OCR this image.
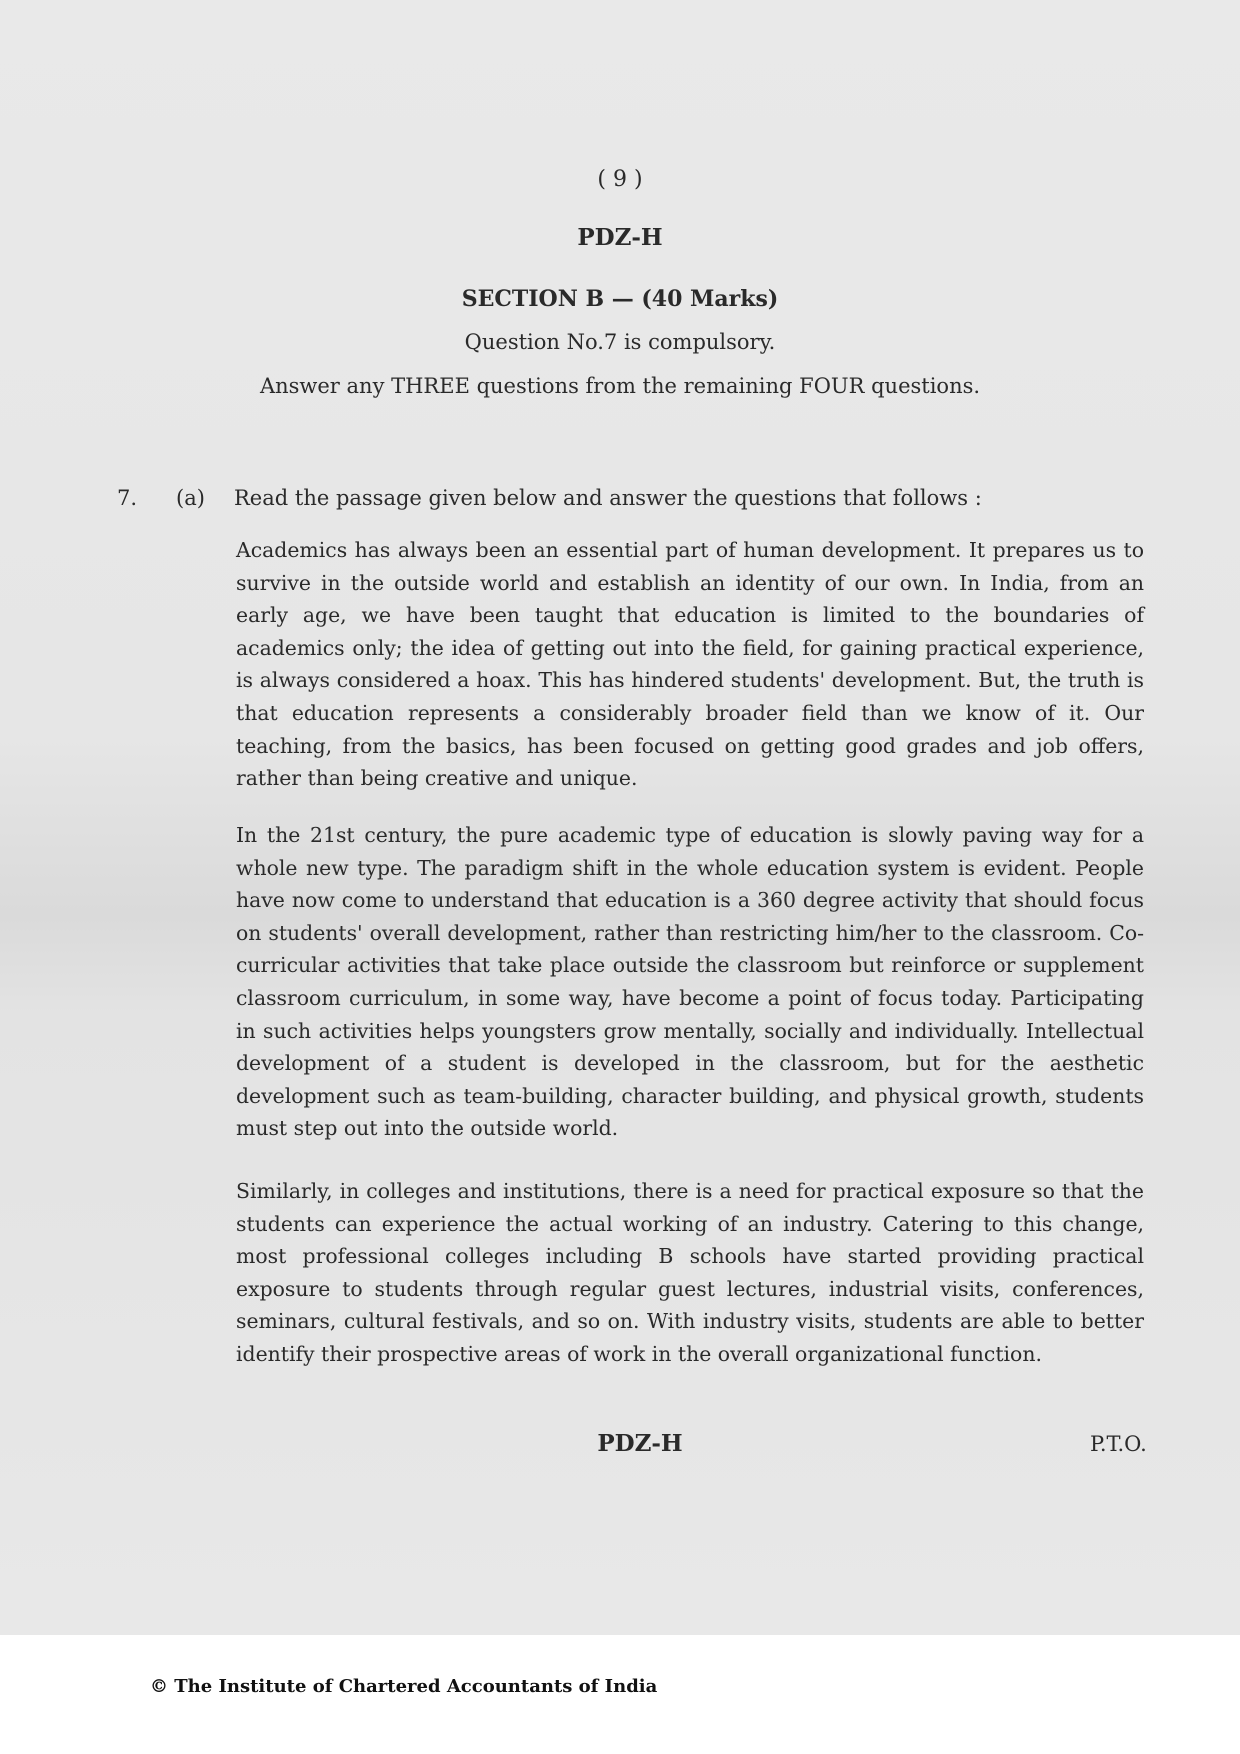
( 9 )
PDZ-H
SECTION B — (40 Marks)
Question No.7 is compulsory.
Answer any THREE questions from the remaining FOUR questions.
7. (a) Read the passage given below and answer the questions that follows :

Academics has always been an essential part of human development. It prepares us to survive in the outside world and establish an identity of our own. In India, from an early age, we have been taught that education is limited to the boundaries of academics only; the idea of getting out into the field, for gaining practical experience, is always considered a hoax. This has hindered students' development. But, the truth is that education represents a considerably broader field than we know of it. Our teaching, from the basics, has been focused on getting good grades and job offers, rather than being creative and unique.

In the 21st century, the pure academic type of education is slowly paving way for a whole new type. The paradigm shift in the whole education system is evident. People have now come to understand that education is a 360 degree activity that should focus on students' overall development, rather than restricting him/her to the classroom. Co-curricular activities that take place outside the classroom but reinforce or supplement classroom curriculum, in some way, have become a point of focus today. Participating in such activities helps youngsters grow mentally, socially and individually. Intellectual development of a student is developed in the classroom, but for the aesthetic development such as team-building, character building, and physical growth, students must step out into the outside world.

Similarly, in colleges and institutions, there is a need for practical exposure so that the students can experience the actual working of an industry. Catering to this change, most professional colleges including B schools have started providing practical exposure to students through regular guest lectures, industrial visits, conferences, seminars, cultural festivals, and so on. With industry visits, students are able to better identify their prospective areas of work in the overall organizational function.

PDZ-H	P.T.O.
© The Institute of Chartered Accountants of India
